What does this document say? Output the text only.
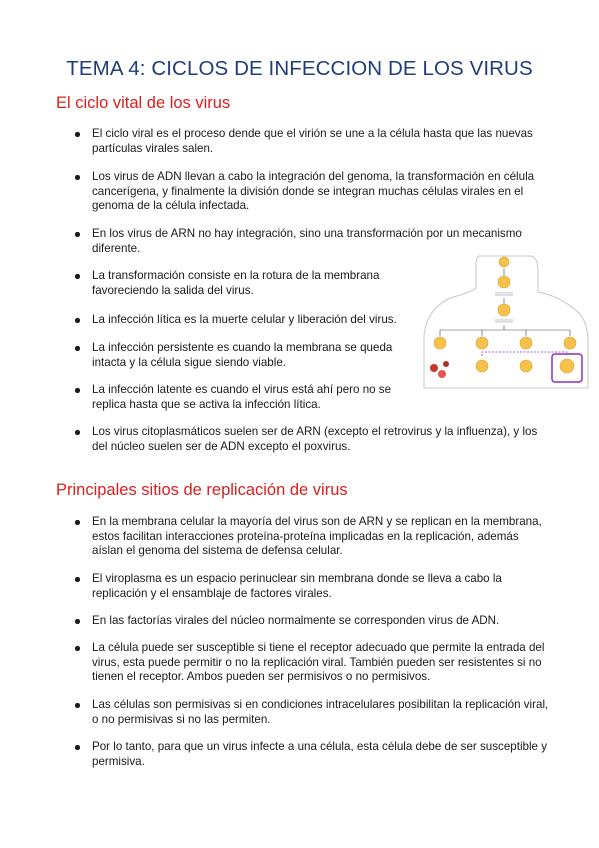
TEMA 4: CICLOS DE INFECCION DE LOS VIRUS
El ciclo vital de los virus
El ciclo viral es el proceso dende que el virión se une a la célula hasta que las nuevas partículas virales salen.
Los virus de ADN llevan a cabo la integración del genoma, la transformación en célula cancerígena, y finalmente la división donde se integran muchas células virales en el genoma de la célula infectada.
En los virus de ARN no hay integración, sino una transformación por un mecanismo diferente.
La transformación consiste en la rotura de la membrana favoreciendo la salida del virus.
La infección lítica es la muerte celular y liberación del virus.
La infección persistente es cuando la membrana se queda intacta y la célula sigue siendo viable.
La infección latente es cuando el virus está ahí pero no se replica hasta que se activa la infección lítica.
Los virus citoplasmáticos suelen ser de ARN (excepto el retrovirus y la influenza), y los del núcleo suelen ser de ADN excepto el poxvirus.
Principales sitios de replicación de virus
En la membrana celular la mayoría del virus son de ARN y se replican en la membrana, estos facilitan interacciones proteína-proteína implicadas en la replicación, además aíslan el genoma del sistema de defensa celular.
El viroplasma es un espacio perinuclear sin membrana donde se lleva a cabo la replicación y el ensamblaje de factores virales.
En las factorías virales del núcleo normalmente se corresponden virus de ADN.
La célula puede ser susceptible si tiene el receptor adecuado que permite la entrada del virus, esta puede permitir o no la replicación viral. También pueden ser resistentes si no tienen el receptor. Ambos pueden ser permisivos o no permisivos.
Las células son permisivas si en condiciones intracelulares posibilitan la replicación viral, o no permisivas si no las permiten.
Por lo tanto, para que un virus infecte a una célula, esta célula debe de ser susceptible y permisiva.
